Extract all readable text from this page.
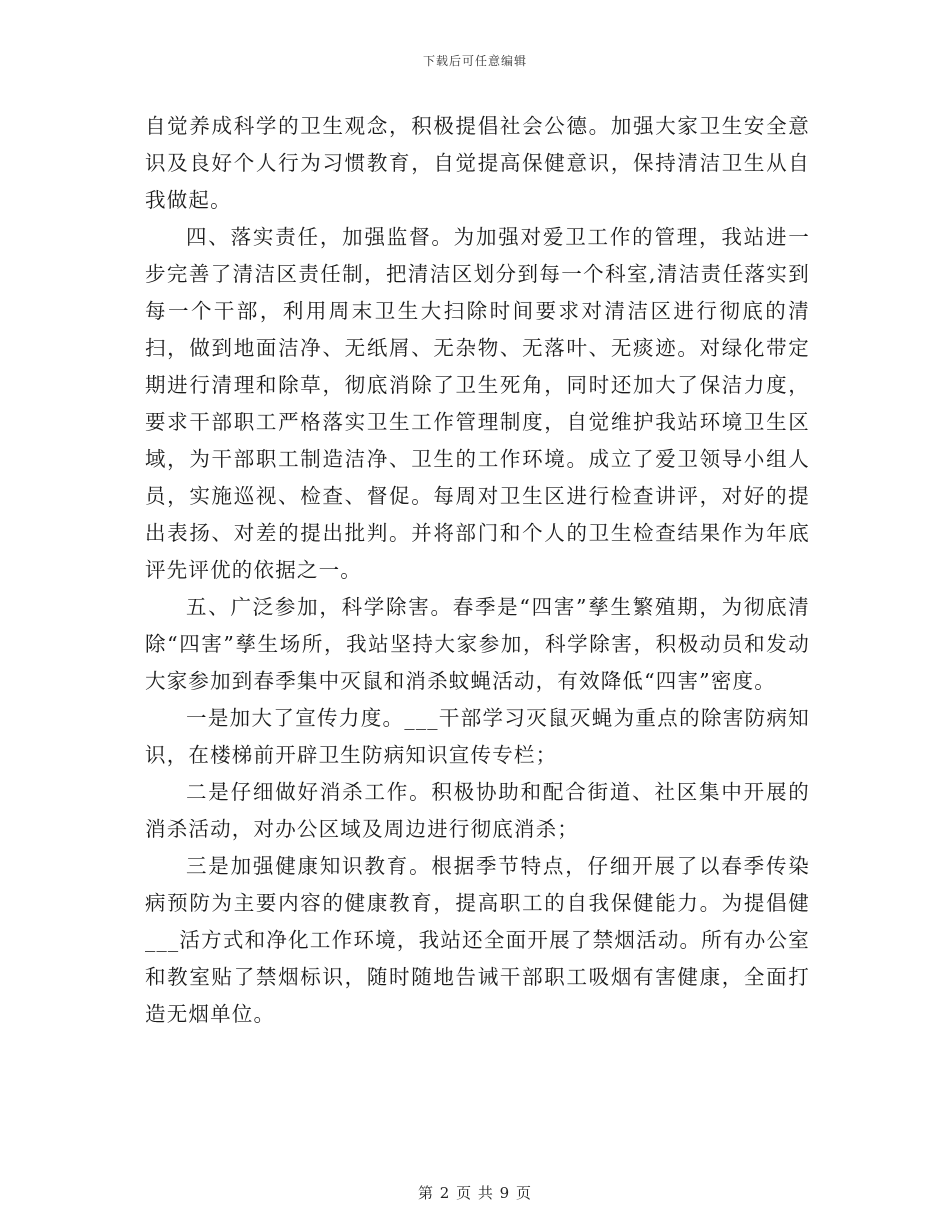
下载后可任意编辑

自觉养成科学的卫生观念，积极提倡社会公德。加强大家卫生安全意识及良好个人行为习惯教育，自觉提高保健意识，保持清洁卫生从自我做起。

四、落实责任，加强监督。为加强对爱卫工作的管理，我站进一步完善了清洁区责任制，把清洁区划分到每一个科室,清洁责任落实到每一个干部，利用周末卫生大扫除时间要求对清洁区进行彻底的清扫，做到地面洁净、无纸屑、无杂物、无落叶、无痰迹。对绿化带定期进行清理和除草，彻底消除了卫生死角，同时还加大了保洁力度，要求干部职工严格落实卫生工作管理制度，自觉维护我站环境卫生区域，为干部职工制造洁净、卫生的工作环境。成立了爱卫领导小组人员，实施巡视、检查、督促。每周对卫生区进行检查讲评，对好的提出表扬、对差的提出批判。并将部门和个人的卫生检查结果作为年底评先评优的依据之一。

五、广泛参加，科学除害。春季是“四害”孳生繁殖期，为彻底清除“四害”孳生场所，我站坚持大家参加，科学除害，积极动员和发动大家参加到春季集中灭鼠和消杀蚊蝇活动，有效降低“四害”密度。

一是加大了宣传力度。___干部学习灭鼠灭蝇为重点的除害防病知识，在楼梯前开辟卫生防病知识宣传专栏；

二是仔细做好消杀工作。积极协助和配合街道、社区集中开展的消杀活动，对办公区域及周边进行彻底消杀；

三是加强健康知识教育。根据季节特点，仔细开展了以春季传染病预防为主要内容的健康教育，提高职工的自我保健能力。为提倡健___活方式和净化工作环境，我站还全面开展了禁烟活动。所有办公室和教室贴了禁烟标识，随时随地告诫干部职工吸烟有害健康，全面打造无烟单位。

第 2 页 共 9 页
